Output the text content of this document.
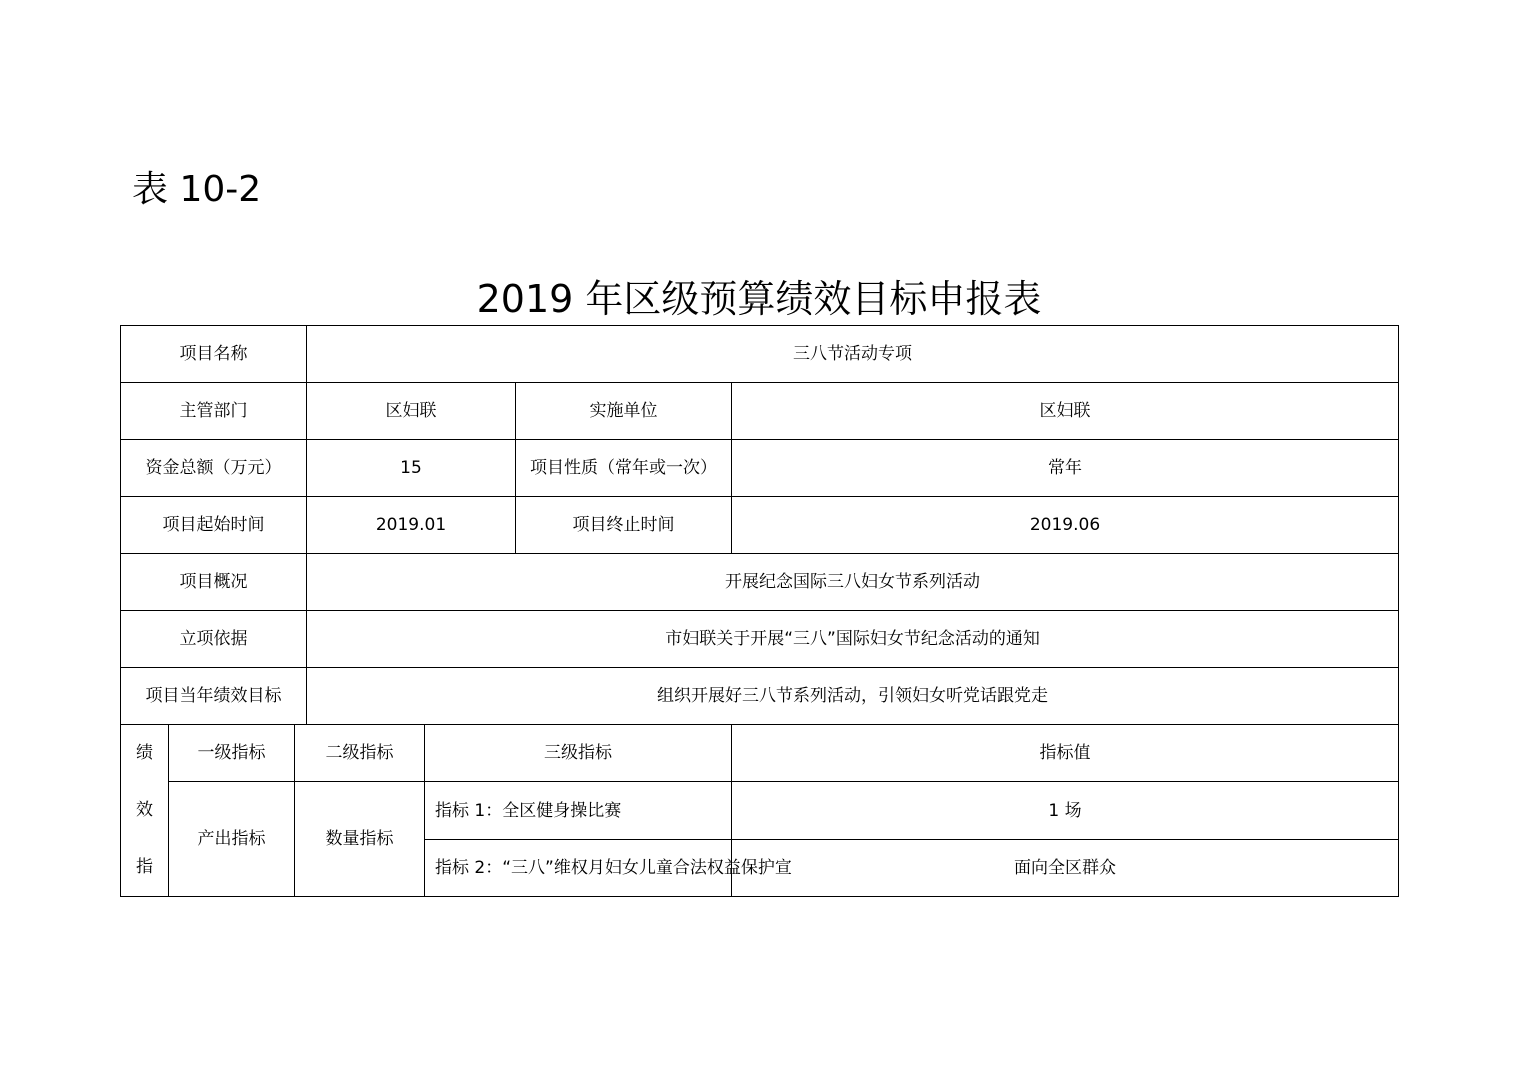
表 10-2
2019 年区级预算绩效目标申报表
项目名称			三八节活动专项			
主管部门			区妇联		实施单位	区妇联
资金总额（万元）			15		项目性质（常年或一次）	常年
项目起始时间			2019.01		项目终止时间	2019.06
项目概况			开展纪念国际三八妇女节系列活动			
立项依据			市妇联关于开展“三八”国际妇女节纪念活动的通知			
项目当年绩效目标			组织开展好三八节系列活动，引领妇女听党话跟党走			

绩
效
指	一级指标	二级指标		三级指标		指标值
	产出指标	数量指标		指标 1：全区健身操比赛		1 场
				指标 2：“三八”维权月妇女儿童合法权益保护宣		面向全区群众
